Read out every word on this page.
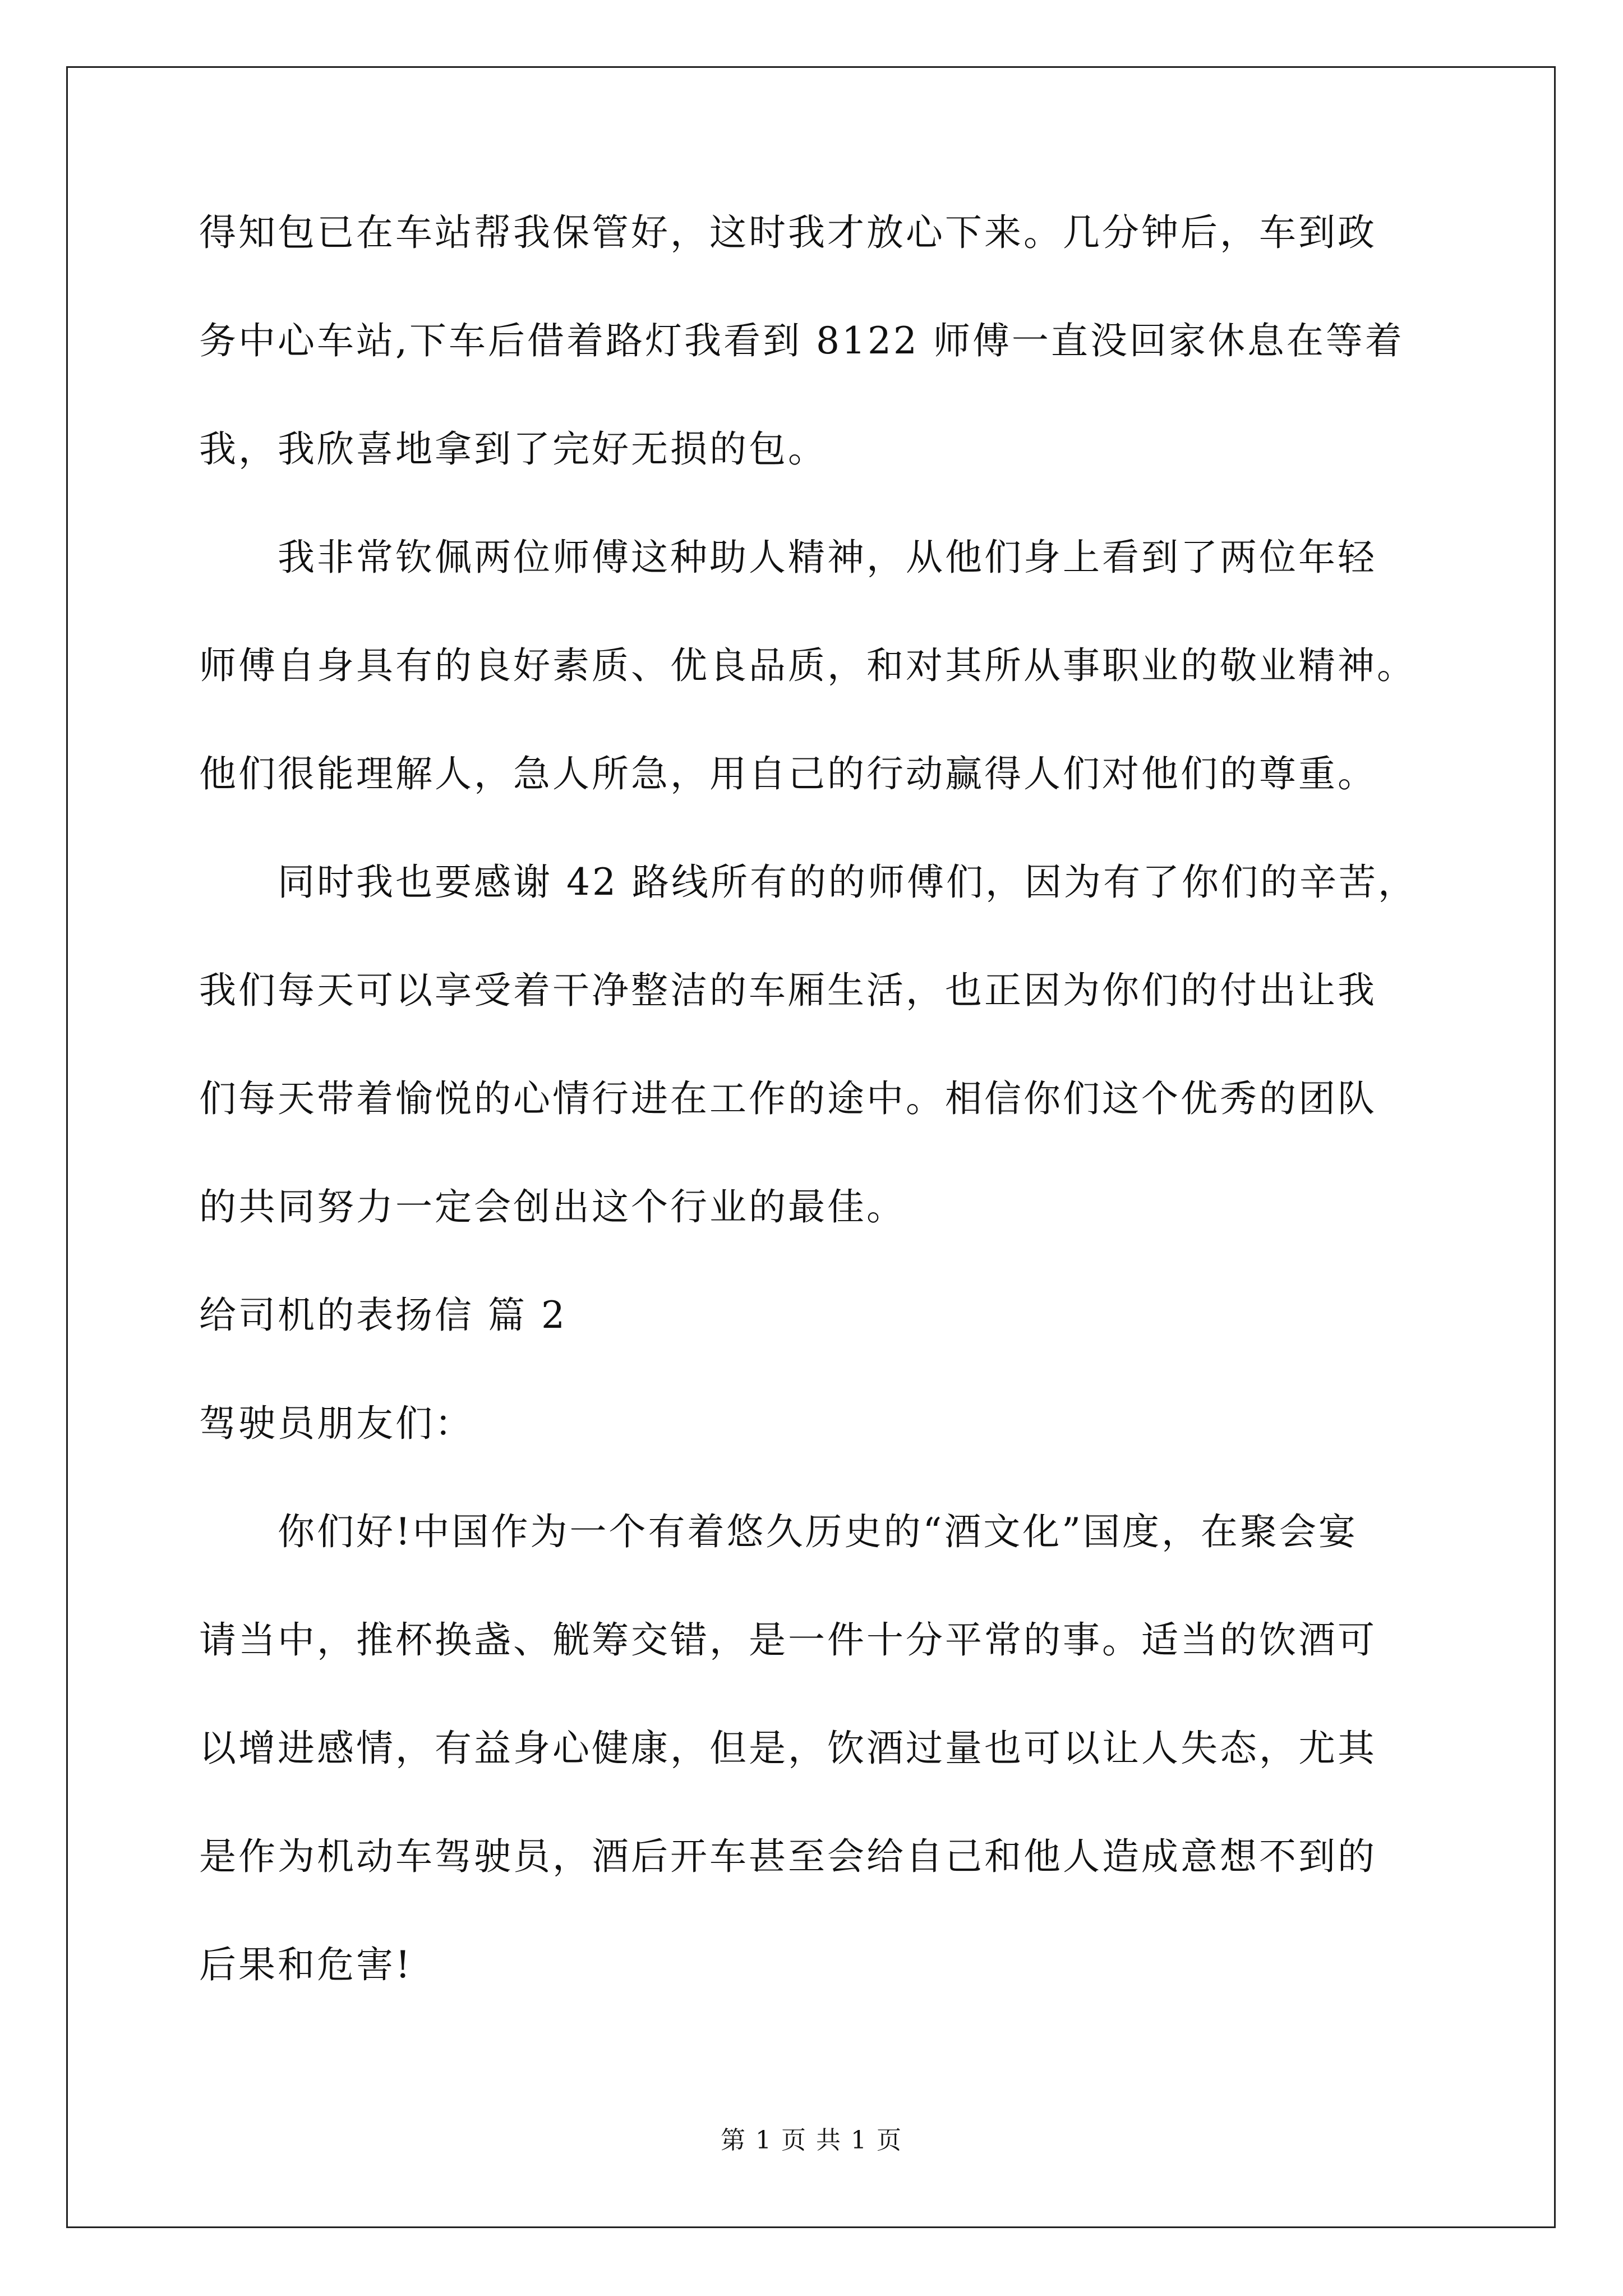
得知包已在车站帮我保管好，这时我才放心下来。几分钟后，车到政

务中心车站,下车后借着路灯我看到 8122 师傅一直没回家休息在等着

我，我欣喜地拿到了完好无损的包。

我非常钦佩两位师傅这种助人精神，从他们身上看到了两位年轻

师傅自身具有的良好素质、优良品质，和对其所从事职业的敬业精神。

他们很能理解人，急人所急，用自己的行动赢得人们对他们的尊重。

同时我也要感谢 42 路线所有的的师傅们，因为有了你们的辛苦，

我们每天可以享受着干净整洁的车厢生活，也正因为你们的付出让我

们每天带着愉悦的心情行进在工作的途中。相信你们这个优秀的团队

的共同努力一定会创出这个行业的最佳。

给司机的表扬信 篇 2

驾驶员朋友们：

你们好!中国作为一个有着悠久历史的“酒文化”国度，在聚会宴

请当中，推杯换盏、觥筹交错，是一件十分平常的事。适当的饮酒可

以增进感情，有益身心健康，但是，饮酒过量也可以让人失态，尤其

是作为机动车驾驶员，酒后开车甚至会给自己和他人造成意想不到的

后果和危害!

第 1 页 共 1 页
